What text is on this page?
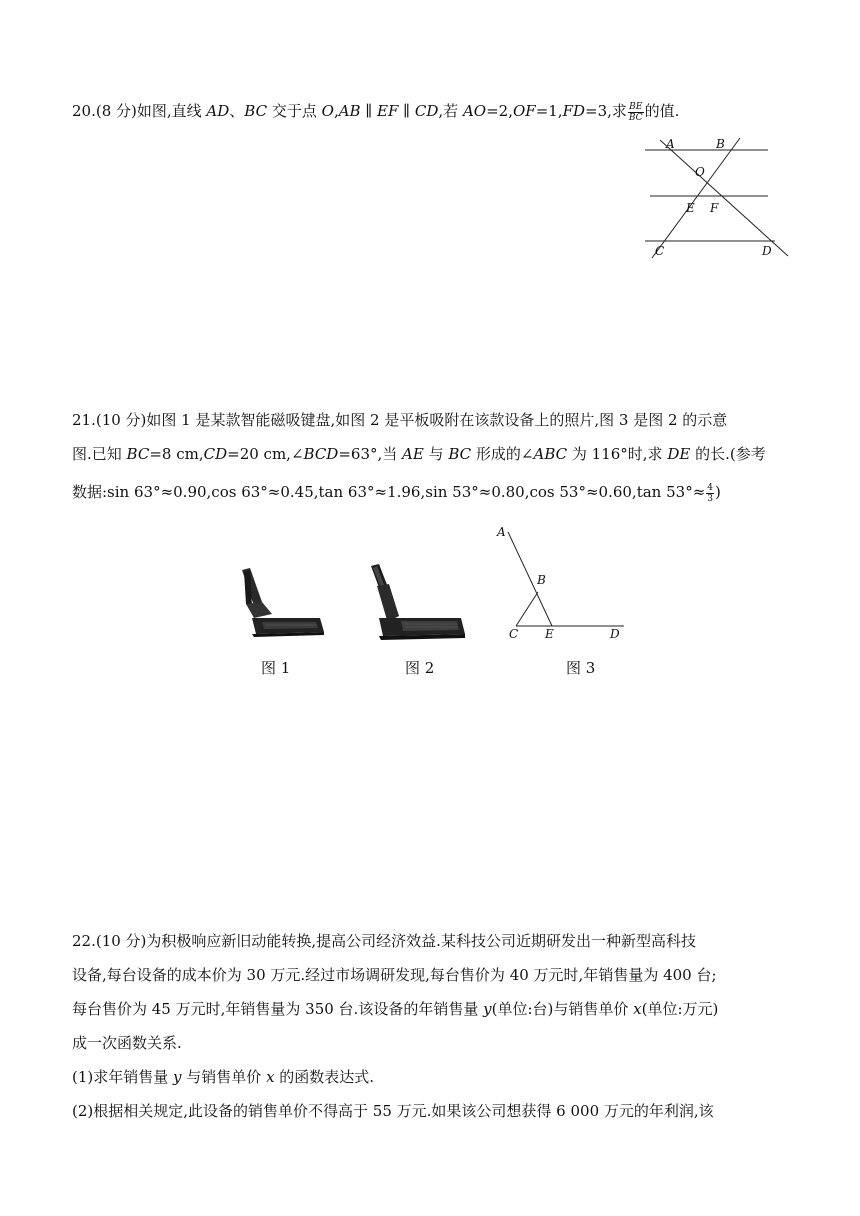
20.(8 分)如图,直线 AD、BC 交于点 O,AB ∥ EF ∥ CD,若 AO=2,OF=1,FD=3,求 $\frac{BE}{BC}$ 的值.

A	B
O
E F
C	D

21.(10 分)如图 1 是某款智能磁吸键盘,如图 2 是平板吸附在该款设备上的照片,图 3 是图 2 的示意

图.已知 BC=8 cm,CD=20 cm,∠BCD=63°,当 AE 与 BC 形成的∠ABC 为 116°时,求 DE 的长.(参考

数据:sin 63°≈0.90,cos 63°≈0.45,tan 63°≈1.96,sin 53°≈0.80,cos 53°≈0.60,tan $53^\circ\approx \frac{4}{3}$ )

A
B
C E	D
图 1	图 2	图 3

22.(10 分)为积极响应新旧动能转换,提高公司经济效益.某科技公司近期研发出一种新型高科技

设备,每台设备的成本价为 30 万元.经过市场调研发现,每台售价为 40 万元时,年销售量为 400 台;

每台售价为 45 万元时,年销售量为 350 台.该设备的年销售量 y(单位:台)与销售单价 x(单位:万元)

成一次函数关系.

(1)求年销售量 y 与销售单价 x 的函数表达式.

(2)根据相关规定,此设备的销售单价不得高于 55 万元.如果该公司想获得 6 000 万元的年利润,该
